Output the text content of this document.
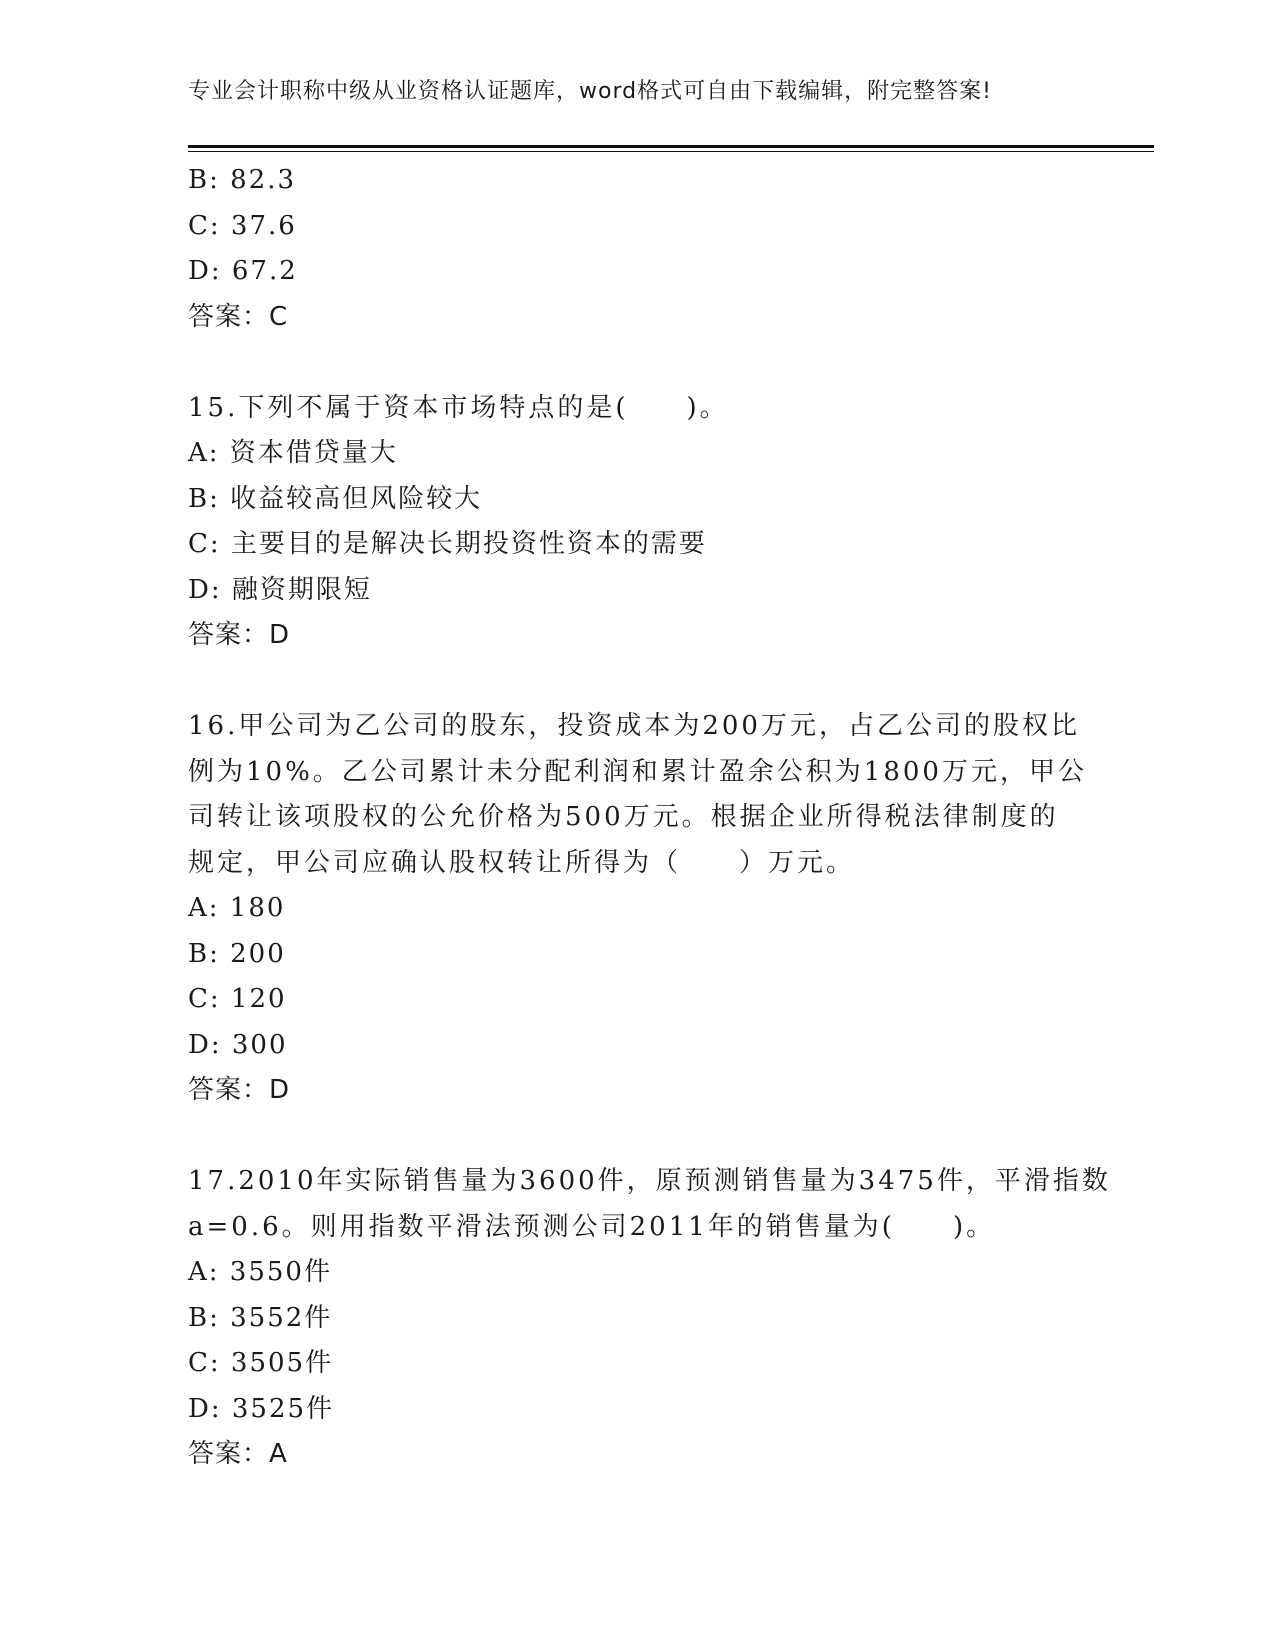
专业会计职称中级从业资格认证题库，word格式可自由下载编辑，附完整答案!
B: 82.3
C: 37.6
D: 67.2
答案：C
15.下列不属于资本市场特点的是(　　)。
A: 资本借贷量大
B: 收益较高但风险较大
C: 主要目的是解决长期投资性资本的需要
D: 融资期限短
答案：D
16.甲公司为乙公司的股东，投资成本为200万元，占乙公司的股权比
例为10%。乙公司累计未分配利润和累计盈余公积为1800万元，甲公
司转让该项股权的公允价格为500万元。根据企业所得税法律制度的
规定，甲公司应确认股权转让所得为（　　）万元。
A: 180
B: 200
C: 120
D: 300
答案：D
17.2010年实际销售量为3600件，原预测销售量为3475件，平滑指数
a=0.6。则用指数平滑法预测公司2011年的销售量为(　　)。
A: 3550件
B: 3552件
C: 3505件
D: 3525件
答案：A
